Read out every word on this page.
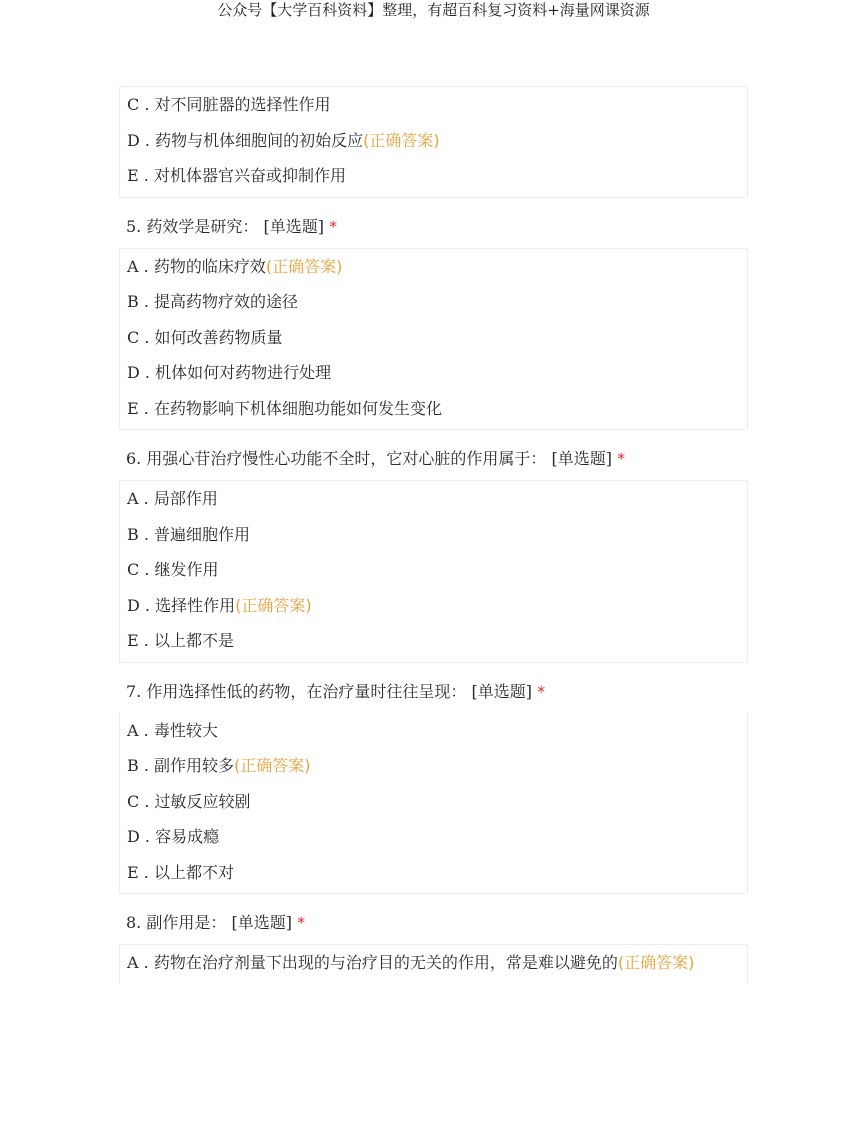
公众号【大学百科资料】整理，有超百科复习资料+海量网课资源
C . 对不同脏器的选择性作用
D . 药物与机体细胞间的初始反应(正确答案)
E . 对机体器官兴奋或抑制作用
5. 药效学是研究： [单选题] *
A . 药物的临床疗效(正确答案)
B . 提高药物疗效的途径
C . 如何改善药物质量
D . 机体如何对药物进行处理
E . 在药物影响下机体细胞功能如何发生变化
6. 用强心苷治疗慢性心功能不全时，它对心脏的作用属于： [单选题] *
A . 局部作用
B . 普遍细胞作用
C . 继发作用
D . 选择性作用(正确答案)
E . 以上都不是
7. 作用选择性低的药物，在治疗量时往往呈现： [单选题] *
A . 毒性较大
B . 副作用较多(正确答案)
C . 过敏反应较剧
D . 容易成瘾
E . 以上都不对
8. 副作用是： [单选题] *
A . 药物在治疗剂量下出现的与治疗目的无关的作用，常是难以避免的(正确答案)
